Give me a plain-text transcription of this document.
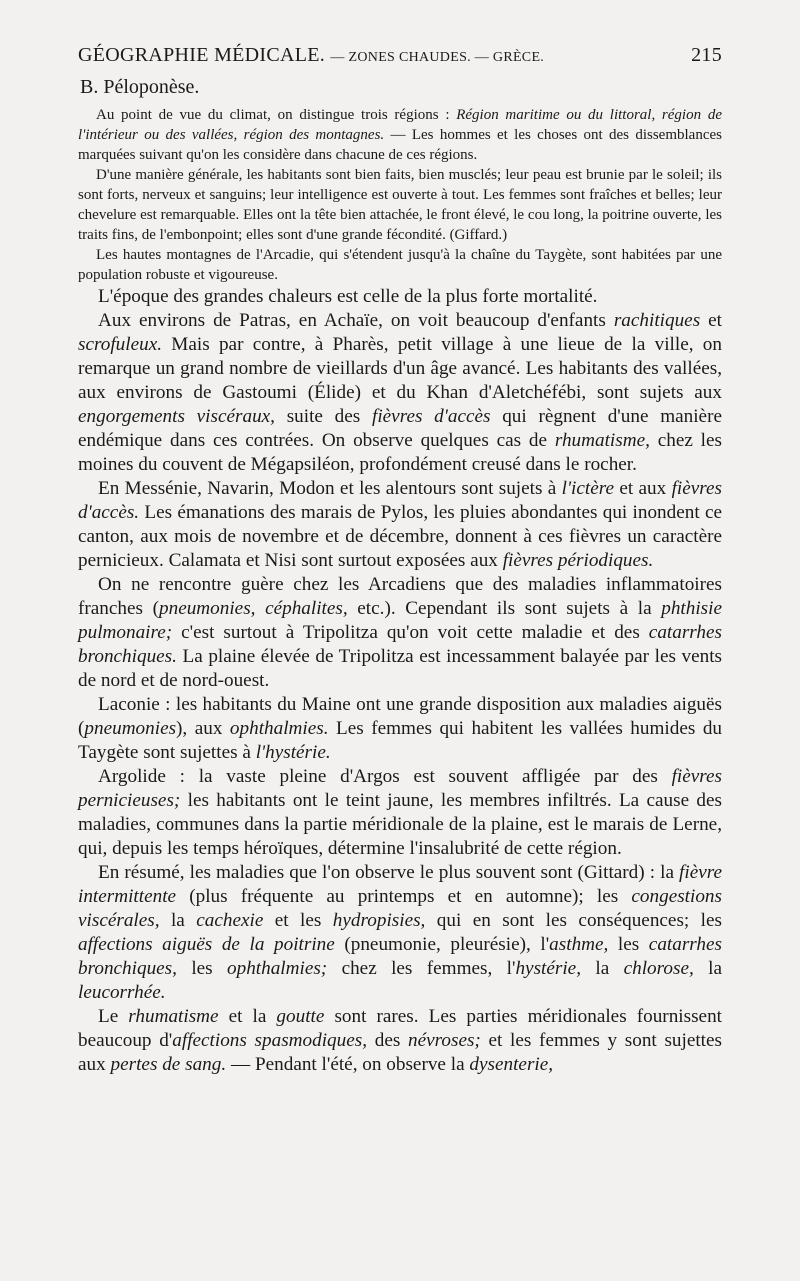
GÉOGRAPHIE MÉDICALE. — ZONES CHAUDES. — GRÈCE.	215
B. Péloponèse.

Au point de vue du climat, on distingue trois régions : Région maritime ou du littoral, région de l'intérieur ou des vallées, région des montagnes. — Les hommes et les choses ont des dissemblances marquées suivant qu'on les considère dans chacune de ces régions.

D'une manière générale, les habitants sont bien faits, bien musclés; leur peau est brunie par le soleil; ils sont forts, nerveux et sanguins; leur intelligence est ouverte à tout. Les femmes sont fraîches et belles; leur chevelure est remarquable. Elles ont la tête bien attachée, le front élevé, le cou long, la poitrine ouverte, les traits fins, de l'embonpoint; elles sont d'une grande fécondité. (Giffard.)

Les hautes montagnes de l'Arcadie, qui s'étendent jusqu'à la chaîne du Taygète, sont habitées par une population robuste et vigoureuse.

L'époque des grandes chaleurs est celle de la plus forte mortalité.

Aux environs de Patras, en Achaïe, on voit beaucoup d'enfants rachitiques et scrofuleux. Mais par contre, à Pharès, petit village à une lieue de la ville, on remarque un grand nombre de vieillards d'un âge avancé. Les habitants des vallées, aux environs de Gastoumi (Élide) et du Khan d'Aletchéfébi, sont sujets aux engorgements viscéraux, suite des fièvres d'accès qui règnent d'une manière endémique dans ces contrées. On observe quelques cas de rhumatisme, chez les moines du couvent de Mégapsiléon, profondément creusé dans le rocher.

En Messénie, Navarin, Modon et les alentours sont sujets à l'ictère et aux fièvres d'accès. Les émanations des marais de Pylos, les pluies abondantes qui inondent ce canton, aux mois de novembre et de décembre, donnent à ces fièvres un caractère pernicieux. Calamata et Nisi sont surtout exposées aux fièvres périodiques.

On ne rencontre guère chez les Arcadiens que des maladies inflammatoires franches (pneumonies, céphalites, etc.). Cependant ils sont sujets à la phthisie pulmonaire; c'est surtout à Tripolitza qu'on voit cette maladie et des catarrhes bronchiques. La plaine élevée de Tripolitza est incessamment balayée par les vents de nord et de nord-ouest.

Laconie : les habitants du Maine ont une grande disposition aux maladies aiguës (pneumonies), aux ophthalmies. Les femmes qui habitent les vallées humides du Taygète sont sujettes à l'hystérie.

Argolide : la vaste pleine d'Argos est souvent affligée par des fièvres pernicieuses; les habitants ont le teint jaune, les membres infiltrés. La cause des maladies, communes dans la partie méridionale de la plaine, est le marais de Lerne, qui, depuis les temps héroïques, détermine l'insalubrité de cette région.

En résumé, les maladies que l'on observe le plus souvent sont (Gittard) : la fièvre intermittente (plus fréquente au printemps et en automne); les congestions viscérales, la cachexie et les hydropisies, qui en sont les conséquences; les affections aiguës de la poitrine (pneumonie, pleurésie), l'asthme, les catarrhes bronchiques, les ophthalmies; chez les femmes, l'hystérie, la chlorose, la leucorrhée.

Le rhumatisme et la goutte sont rares. Les parties méridionales fournissent beaucoup d'affections spasmodiques, des névroses; et les femmes y sont sujettes aux pertes de sang. — Pendant l'été, on observe la dysenterie,
